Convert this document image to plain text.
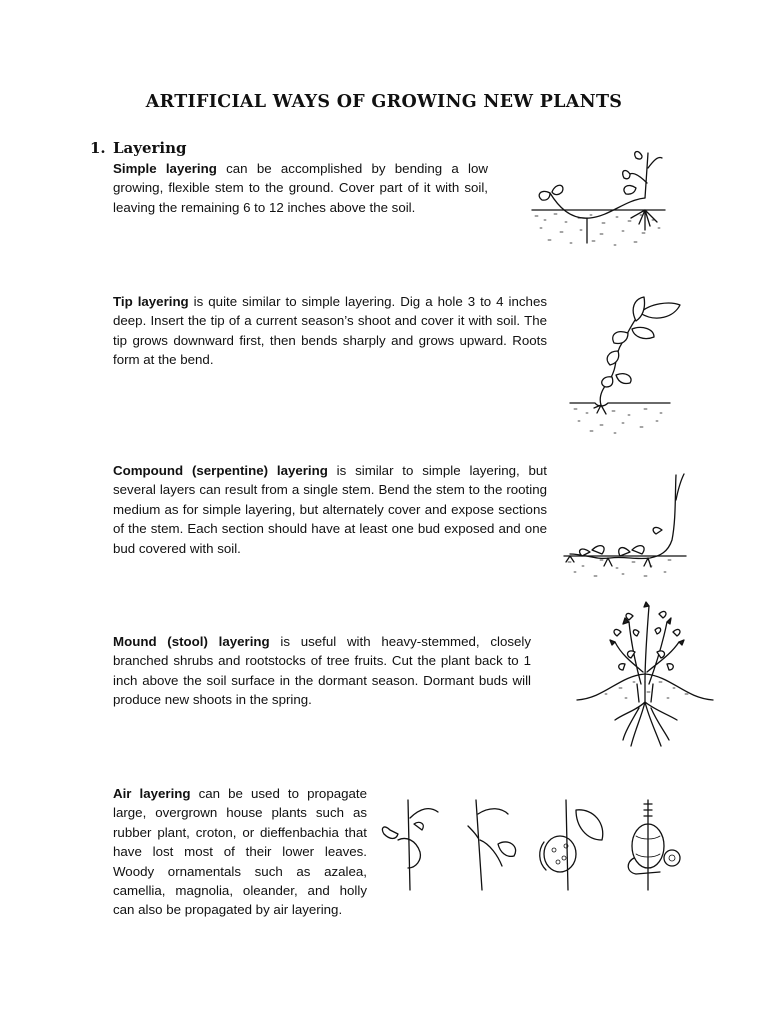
ARTIFICIAL WAYS OF GROWING NEW PLANTS
1. Layering
Simple layering can be accomplished by bending a low growing, flexible stem to the ground. Cover part of it with soil, leaving the remaining 6 to 12 inches above the soil.
Tip layering is quite similar to simple layering. Dig a hole 3 to 4 inches deep. Insert the tip of a current season’s shoot and cover it with soil. The tip grows downward first, then bends sharply and grows upward. Roots form at the bend.
Compound (serpentine) layering is similar to simple layering, but several layers can result from a single stem. Bend the stem to the rooting medium as for simple layering, but alternately cover and expose sections of the stem. Each section should have at least one bud exposed and one bud covered with soil.
Mound (stool) layering is useful with heavy-stemmed, closely branched shrubs and rootstocks of tree fruits. Cut the plant back to 1 inch above the soil surface in the dormant season. Dormant buds will produce new shoots in the spring.
Air layering can be used to propagate large, overgrown house plants such as rubber plant, croton, or dieffenbachia that have lost most of their lower leaves. Woody ornamentals such as azalea, camellia, magnolia, oleander, and holly can also be propagated by air layering.
